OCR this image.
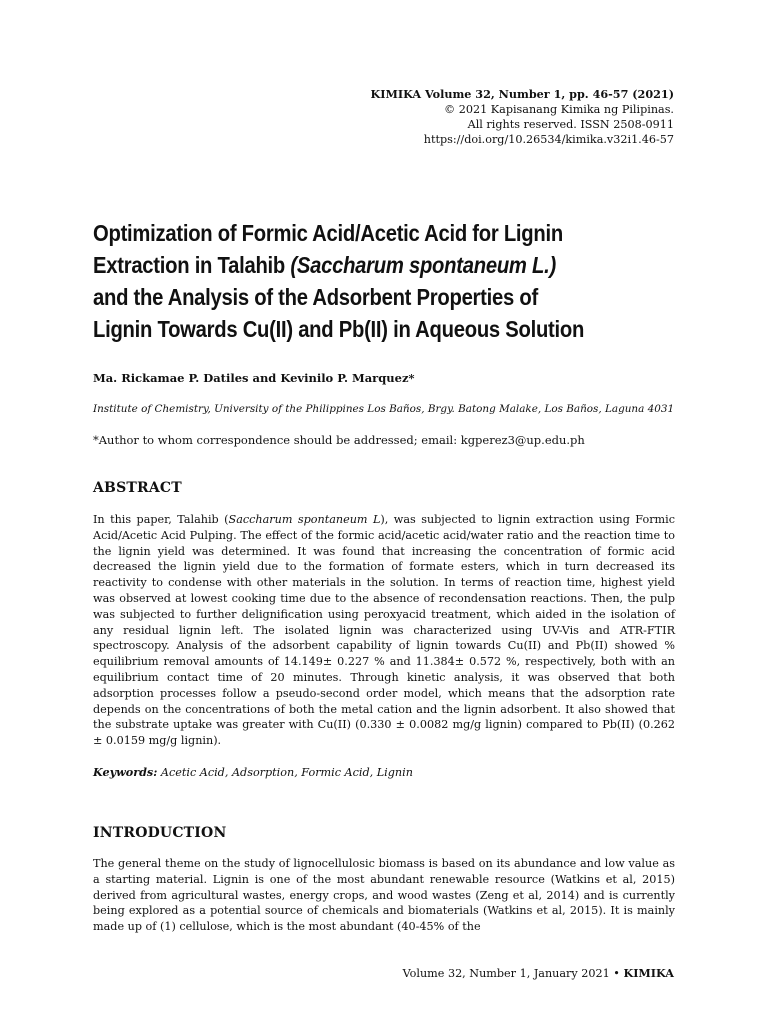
KIMIKA Volume 32, Number 1, pp. 46-57 (2021)
© 2021 Kapisanang Kimika ng Pilipinas.
All rights reserved. ISSN 2508-0911
https://doi.org/10.26534/kimika.v32i1.46-57
Optimization of Formic Acid/Acetic Acid for Lignin
Extraction in Talahib (Saccharum spontaneum L.)
and the Analysis of the Adsorbent Properties of
Lignin Towards Cu(II) and Pb(II) in Aqueous Solution
Ma. Rickamae P. Datiles and Kevinilo P. Marquez*
Institute of Chemistry, University of the Philippines Los Baños, Brgy. Batong Malake, Los Baños, Laguna 4031
*Author to whom correspondence should be addressed; email: kgperez3@up.edu.ph
ABSTRACT
In this paper, Talahib (Saccharum spontaneum L), was subjected to lignin extraction using Formic Acid/Acetic Acid Pulping. The effect of the formic acid/acetic acid/water ratio and the reaction time to the lignin yield was determined. It was found that increasing the concentration of formic acid decreased the lignin yield due to the formation of formate esters, which in turn decreased its reactivity to condense with other materials in the solution. In terms of reaction time, highest yield was observed at lowest cooking time due to the absence of recondensation reactions. Then, the pulp was subjected to further delignification using peroxyacid treatment, which aided in the isolation of any residual lignin left. The isolated lignin was characterized using UV-Vis and ATR-FTIR spectroscopy. Analysis of the adsorbent capability of lignin towards Cu(II) and Pb(II) showed % equilibrium removal amounts of 14.149± 0.227 % and 11.384± 0.572 %, respectively, both with an equilibrium contact time of 20 minutes. Through kinetic analysis, it was observed that both adsorption processes follow a pseudo-second order model, which means that the adsorption rate depends on the concentrations of both the metal cation and the lignin adsorbent. It also showed that the substrate uptake was greater with Cu(II) (0.330 ± 0.0082 mg/g lignin) compared to Pb(II) (0.262 ± 0.0159 mg/g lignin).
Keywords: Acetic Acid, Adsorption, Formic Acid, Lignin
INTRODUCTION
The general theme on the study of lignocellulosic biomass is based on its abundance and low value as a starting material. Lignin is one of the most abundant renewable resource (Watkins et al, 2015) derived from agricultural wastes, energy crops, and wood wastes (Zeng et al, 2014) and is currently being explored as a potential source of chemicals and biomaterials (Watkins et al, 2015). It is mainly made up of (1) cellulose, which is the most abundant (40-45% of the
Volume 32, Number 1, January 2021 • KIMIKA
